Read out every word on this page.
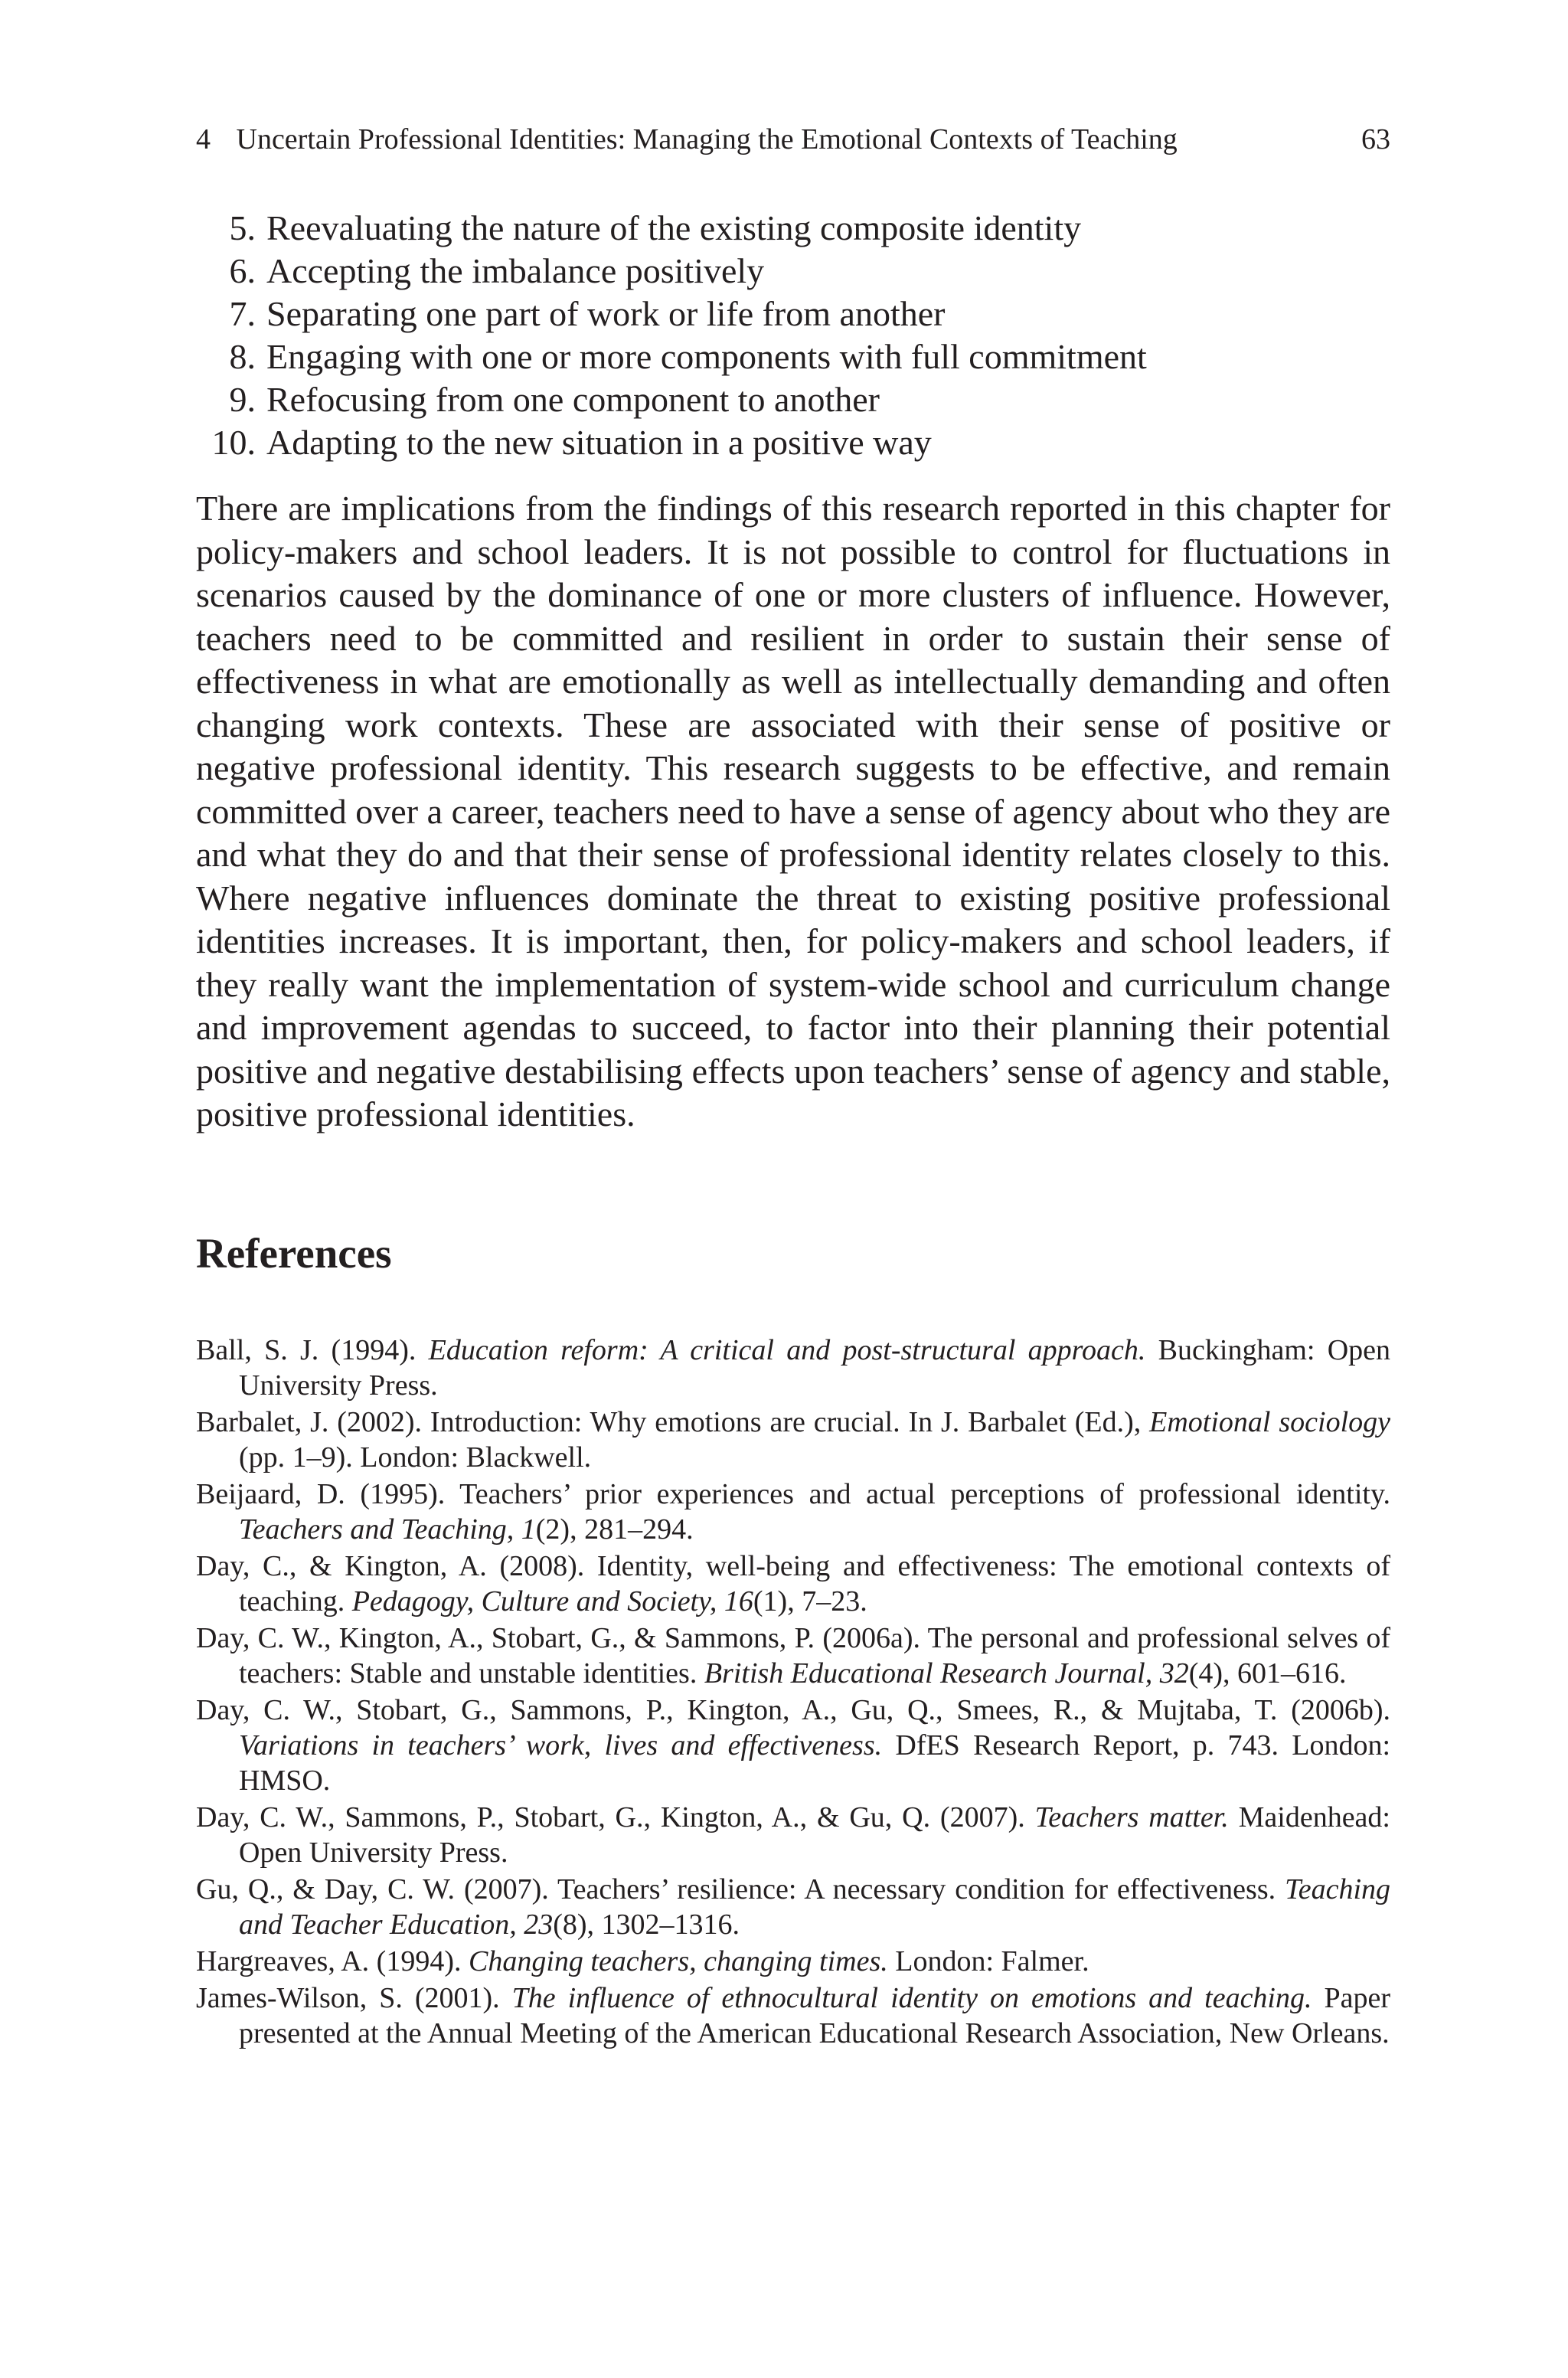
4 Uncertain Professional Identities: Managing the Emotional Contexts of Teaching	63
5. Reevaluating the nature of the existing composite identity
6. Accepting the imbalance positively
7. Separating one part of work or life from another
8. Engaging with one or more components with full commitment
9. Refocusing from one component to another
10. Adapting to the new situation in a positive way

There are implications from the findings of this research reported in this chapter for policy-makers and school leaders. It is not possible to control for fluctuations in scenarios caused by the dominance of one or more clusters of influence. However, teachers need to be committed and resilient in order to sustain their sense of effectiveness in what are emotionally as well as intellectually demanding and often changing work contexts. These are associated with their sense of positive or negative professional identity. This research suggests to be effective, and remain committed over a career, teachers need to have a sense of agency about who they are and what they do and that their sense of professional identity relates closely to this. Where negative influences dominate the threat to existing positive professional identities increases. It is important, then, for policy-makers and school leaders, if they really want the implementation of system-wide school and curriculum change and improvement agendas to succeed, to factor into their planning their potential positive and negative destabilising effects upon teachers’ sense of agency and stable, positive professional identities.

References
Ball, S. J. (1994). Education reform: A critical and post-structural approach. Buckingham: Open University Press.
Barbalet, J. (2002). Introduction: Why emotions are crucial. In J. Barbalet (Ed.), Emotional sociology (pp. 1–9). London: Blackwell.
Beijaard, D. (1995). Teachers’ prior experiences and actual perceptions of professional identity. Teachers and Teaching, 1(2), 281–294.
Day, C., & Kington, A. (2008). Identity, well-being and effectiveness: The emotional contexts of teaching. Pedagogy, Culture and Society, 16(1), 7–23.
Day, C. W., Kington, A., Stobart, G., & Sammons, P. (2006a). The personal and professional selves of teachers: Stable and unstable identities. British Educational Research Journal, 32(4), 601–616.
Day, C. W., Stobart, G., Sammons, P., Kington, A., Gu, Q., Smees, R., & Mujtaba, T. (2006b). Variations in teachers’ work, lives and effectiveness. DfES Research Report, p. 743. London: HMSO.
Day, C. W., Sammons, P., Stobart, G., Kington, A., & Gu, Q. (2007). Teachers matter. Maidenhead: Open University Press.
Gu, Q., & Day, C. W. (2007). Teachers’ resilience: A necessary condition for effectiveness. Teaching and Teacher Education, 23(8), 1302–1316.
Hargreaves, A. (1994). Changing teachers, changing times. London: Falmer.
James-Wilson, S. (2001). The influence of ethnocultural identity on emotions and teaching. Paper presented at the Annual Meeting of the American Educational Research Association, New Orleans.
